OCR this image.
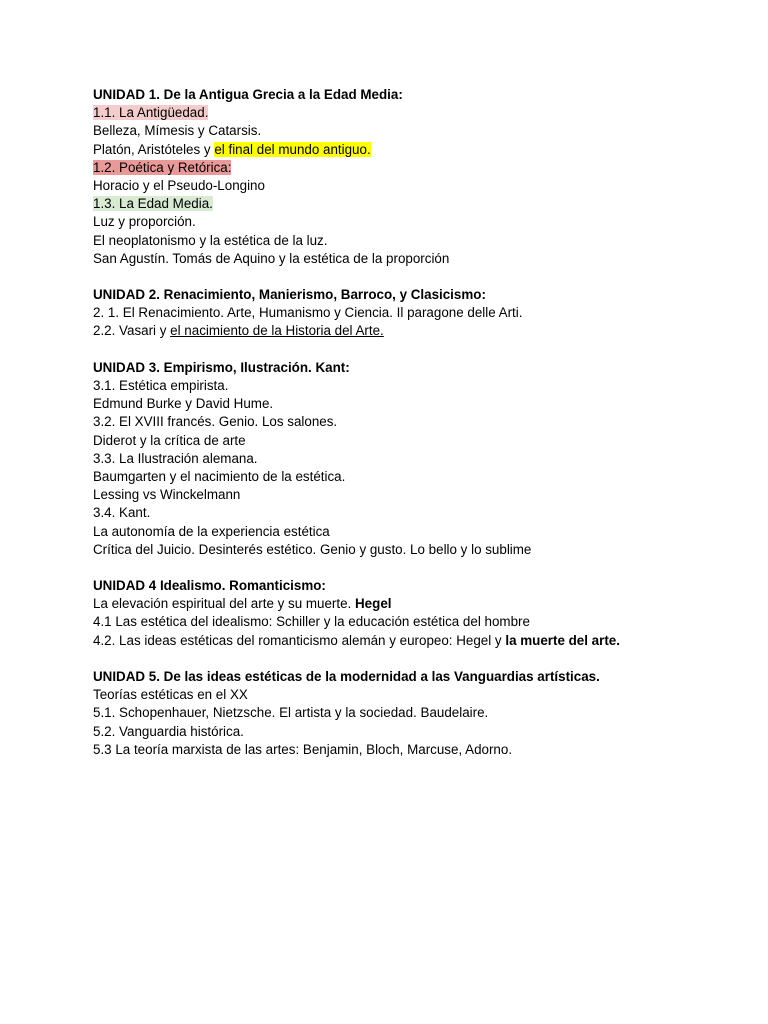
UNIDAD 1. De la Antigua Grecia a la Edad Media:
1.1. La Antigüedad.
Belleza, Mímesis y Catarsis.
Platón, Aristóteles y el final del mundo antiguo.
1.2. Poética y Retórica:
Horacio y el Pseudo-Longino
1.3. La Edad Media.
Luz y proporción.
El neoplatonismo y la estética de la luz.
San Agustín. Tomás de Aquino y la estética de la proporción
UNIDAD 2. Renacimiento, Manierismo, Barroco, y Clasicismo:
2. 1. El Renacimiento. Arte, Humanismo y Ciencia. Il paragone delle Arti.
2.2. Vasari y el nacimiento de la Historia del Arte.
UNIDAD 3. Empirismo, Ilustración. Kant:
3.1. Estética empirista.
Edmund Burke y David Hume.
3.2. El XVIII francés. Genio. Los salones.
Diderot y la crítica de arte
3.3. La Ilustración alemana.
Baumgarten y el nacimiento de la estética.
Lessing vs Winckelmann
3.4. Kant.
La autonomía de la experiencia estética
Crítica del Juicio. Desinterés estético. Genio y gusto. Lo bello y lo sublime
UNIDAD 4 Idealismo. Romanticismo:
La elevación espiritual del arte y su muerte. Hegel
4.1 Las estética del idealismo: Schiller y la educación estética del hombre
4.2. Las ideas estéticas del romanticismo alemán y europeo: Hegel y la muerte del arte.
UNIDAD 5. De las ideas estéticas de la modernidad a las Vanguardias artísticas.
Teorías estéticas en el XX
5.1. Schopenhauer, Nietzsche. El artista y la sociedad. Baudelaire.
5.2. Vanguardia histórica.
5.3 La teoría marxista de las artes: Benjamin, Bloch, Marcuse, Adorno.
